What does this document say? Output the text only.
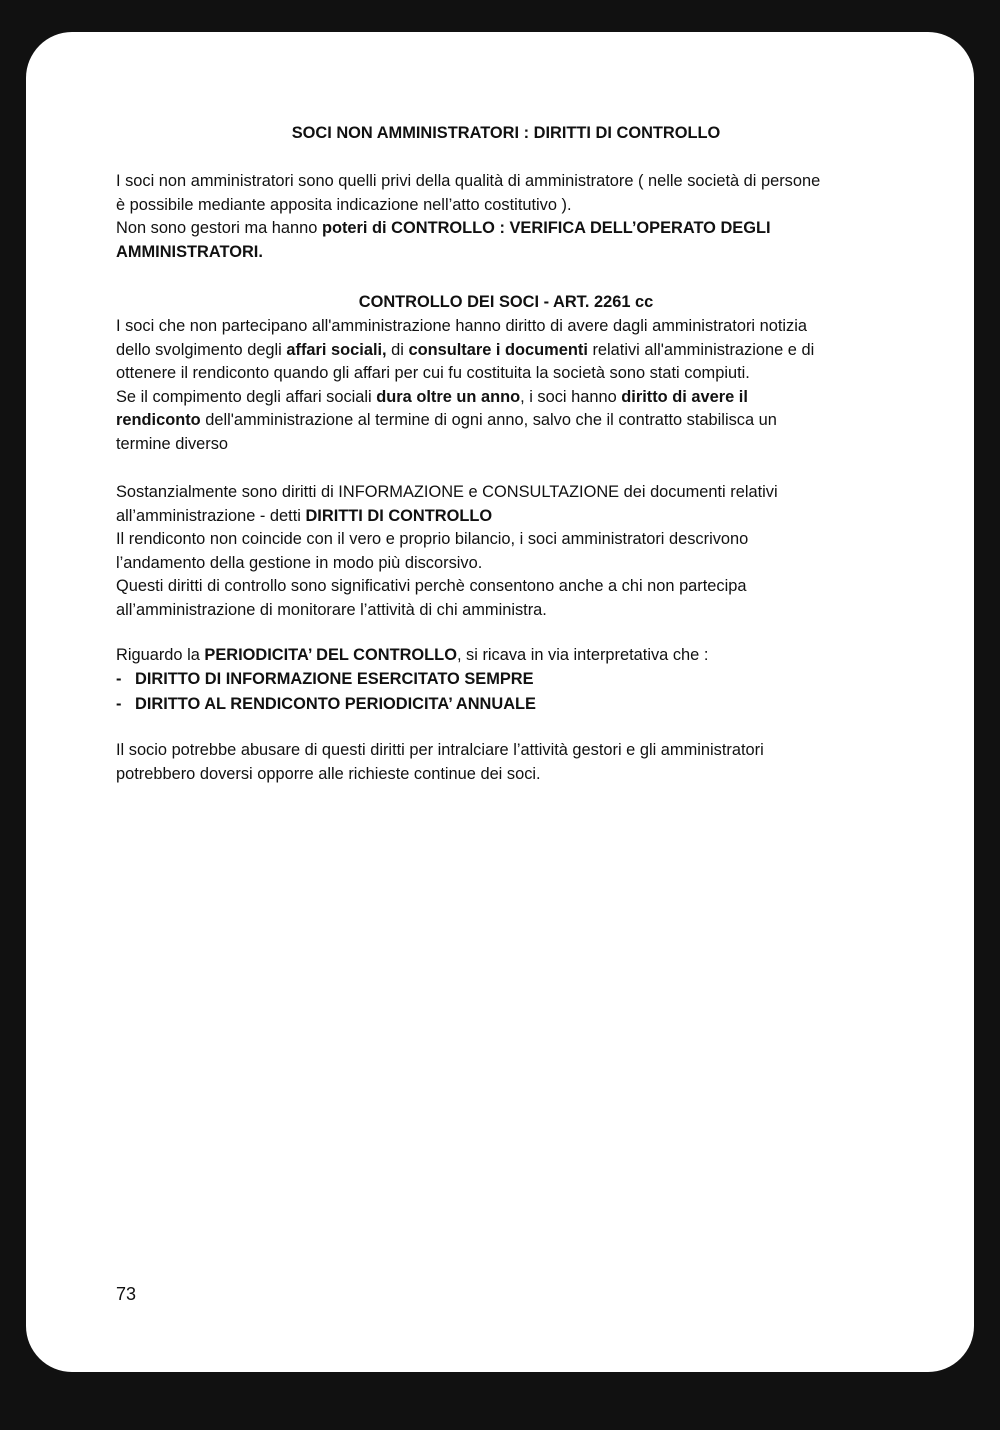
SOCI NON AMMINISTRATORI : DIRITTI DI CONTROLLO
I soci non amministratori sono quelli privi della qualità di amministratore ( nelle società di persone
è possibile mediante apposita indicazione nell’atto costitutivo ).
Non sono gestori ma hanno poteri di CONTROLLO : VERIFICA DELL’OPERATO DEGLI
AMMINISTRATORI.
CONTROLLO DEI SOCI - ART. 2261 cc
I soci che non partecipano all'amministrazione hanno diritto di avere dagli amministratori notizia
dello svolgimento degli affari sociali, di consultare i documenti relativi all'amministrazione e di
ottenere il rendiconto quando gli affari per cui fu costituita la società sono stati compiuti.
Se il compimento degli affari sociali dura oltre un anno, i soci hanno diritto di avere il
rendiconto dell'amministrazione al termine di ogni anno, salvo che il contratto stabilisca un
termine diverso
Sostanzialmente sono diritti di INFORMAZIONE e CONSULTAZIONE dei documenti relativi
all’amministrazione - detti DIRITTI DI CONTROLLO
Il rendiconto non coincide con il vero e proprio bilancio, i soci amministratori descrivono
l’andamento della gestione in modo più discorsivo.
Questi diritti di controllo sono significativi perchè consentono anche a chi non partecipa
all’amministrazione di monitorare l’attività di chi amministra.
Riguardo la PERIODICITA’ DEL CONTROLLO, si ricava in via interpretativa che :
- DIRITTO DI INFORMAZIONE ESERCITATO SEMPRE
- DIRITTO AL RENDICONTO PERIODICITA’ ANNUALE
Il socio potrebbe abusare di questi diritti per intralciare l’attività gestori e gli amministratori
potrebbero doversi opporre alle richieste continue dei soci.
73
